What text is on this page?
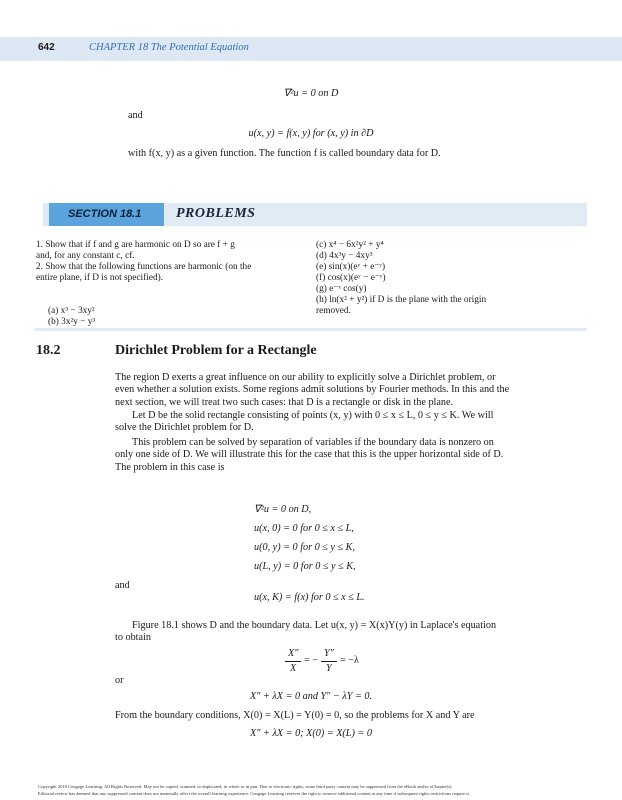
642	CHAPTER 18 The Potential Equation
∇²u = 0 on D
and
u(x, y) = f(x, y) for (x, y) in ∂D
with f(x, y) as a given function. The function f is called boundary data for D.
SECTION 18.1 PROBLEMS
1. Show that if f and g are harmonic on D so are f + g
and, for any constant c, cf.
2. Show that the following functions are harmonic (on the
entire plane, if D is not specified).
(a) x³ − 3xy²
(b) 3x²y − y³
(c) x⁴ − 6x²y² + y⁴
(d) 4x³y − 4xy³
(e) sin(x)(eʸ + e⁻ʸ)
(f) cos(x)(eʸ − e⁻ʸ)
(g) e⁻ˣ cos(y)
(h) ln(x² + y²) if D is the plane with the origin
removed.
18.2	Dirichlet Problem for a Rectangle
The region D exerts a great influence on our ability to explicitly solve a Dirichlet problem, or
even whether a solution exists. Some regions admit solutions by Fourier methods. In this and the
next section, we will treat two such cases: that D is a rectangle or disk in the plane.
Let D be the solid rectangle consisting of points (x, y) with 0 ≤ x ≤ L, 0 ≤ y ≤ K. We will
solve the Dirichlet problem for D.
This problem can be solved by separation of variables if the boundary data is nonzero on
only one side of D. We will illustrate this for the case that this is the upper horizontal side of D.
The problem in this case is
∇²u = 0 on D,
u(x, 0) = 0 for 0 ≤ x ≤ L,
u(0, y) = 0 for 0 ≤ y ≤ K,
u(L, y) = 0 for 0 ≤ y ≤ K,
and
u(x, K) = f(x) for 0 ≤ x ≤ L.
Figure 18.1 shows D and the boundary data. Let u(x, y) = X(x)Y(y) in Laplace's equation
to obtain
X″
X
= −
Y″
Y
= −λ
or
X″ + λX = 0 and Y″ − λY = 0.
From the boundary conditions, X(0) = X(L) = Y(0) = 0, so the problems for X and Y are
X″ + λX = 0; X(0) = X(L) = 0
Copyright 2010 Cengage Learning. All Rights Reserved. May not be copied, scanned, or duplicated, in whole or in part. Due to electronic rights, some third party content may be suppressed from the eBook and/or eChapter(s).
Editorial review has deemed that any suppressed content does not materially affect the overall learning experience. Cengage Learning reserves the right to remove additional content at any time if subsequent rights restrictions require it.
